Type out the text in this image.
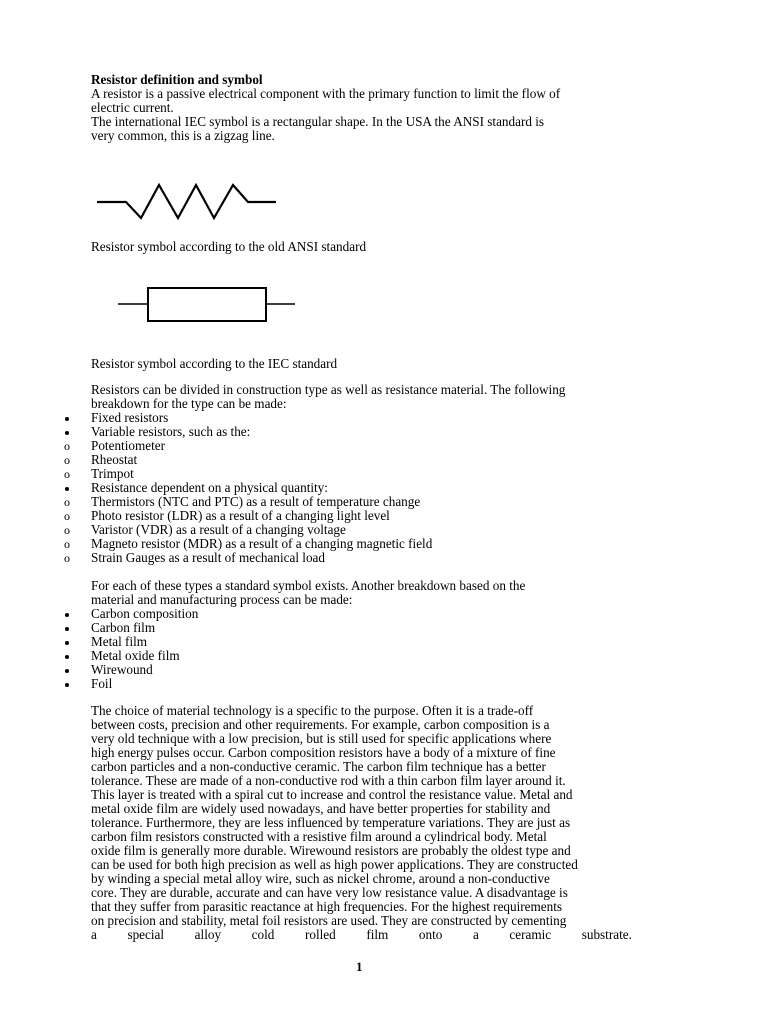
Resistor definition and symbol
A resistor is a passive electrical component with the primary function to limit the flow of
electric current.
The international IEC symbol is a rectangular shape. In the USA the ANSI standard is
very common, this is a zigzag line.
Resistor symbol according to the old ANSI standard
Resistor symbol according to the IEC standard
Resistors can be divided in construction type as well as resistance material. The following
breakdown for the type can be made:
Fixed resistors
Variable resistors, such as the:
o Potentiometer
o Rheostat
o Trimpot
Resistance dependent on a physical quantity:
o Thermistors (NTC and PTC) as a result of temperature change
o Photo resistor (LDR) as a result of a changing light level
o Varistor (VDR) as a result of a changing voltage
o Magneto resistor (MDR) as a result of a changing magnetic field
o Strain Gauges as a result of mechanical load
For each of these types a standard symbol exists. Another breakdown based on the
material and manufacturing process can be made:
Carbon composition
Carbon film
Metal film
Metal oxide film
Wirewound
Foil
The choice of material technology is a specific to the purpose. Often it is a trade-off
between costs, precision and other requirements. For example, carbon composition is a
very old technique with a low precision, but is still used for specific applications where
high energy pulses occur. Carbon composition resistors have a body of a mixture of fine
carbon particles and a non-conductive ceramic. The carbon film technique has a better
tolerance. These are made of a non-conductive rod with a thin carbon film layer around it.
This layer is treated with a spiral cut to increase and control the resistance value. Metal and
metal oxide film are widely used nowadays, and have better properties for stability and
tolerance. Furthermore, they are less influenced by temperature variations. They are just as
carbon film resistors constructed with a resistive film around a cylindrical body. Metal
oxide film is generally more durable. Wirewound resistors are probably the oldest type and
can be used for both high precision as well as high power applications. They are constructed
by winding a special metal alloy wire, such as nickel chrome, around a non-conductive
core. They are durable, accurate and can have very low resistance value. A disadvantage is
that they suffer from parasitic reactance at high frequencies. For the highest requirements
on precision and stability, metal foil resistors are used. They are constructed by cementing
a special alloy cold rolled film onto a ceramic substrate.
1
